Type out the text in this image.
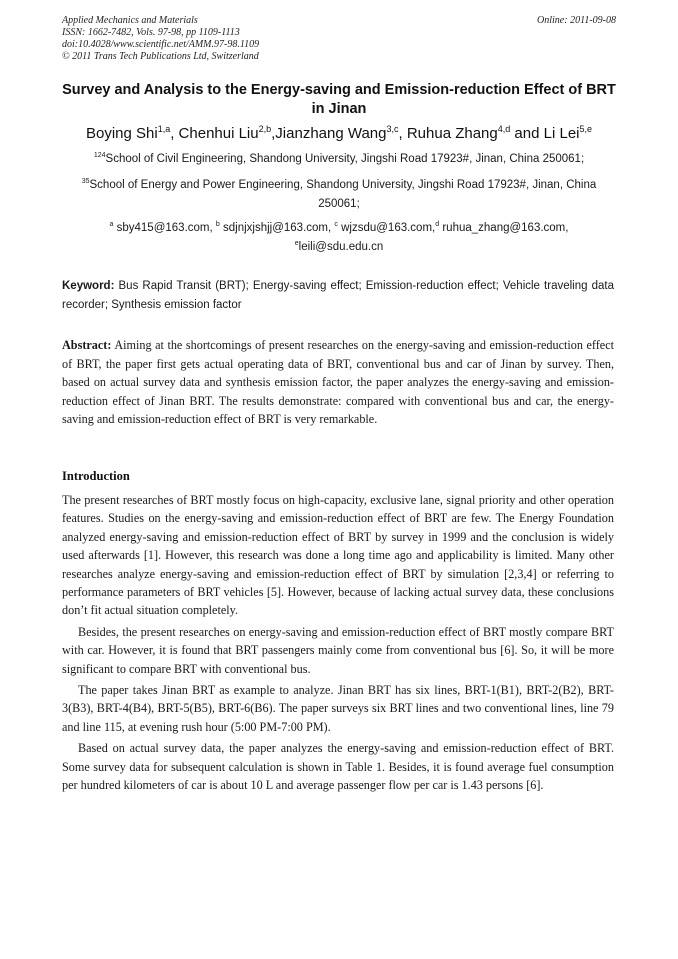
Applied Mechanics and Materials
ISSN: 1662-7482, Vols. 97-98, pp 1109-1113
doi:10.4028/www.scientific.net/AMM.97-98.1109
© 2011 Trans Tech Publications Ltd, Switzerland
Online: 2011-09-08
Survey and Analysis to the Energy-saving and Emission-reduction Effect of BRT in Jinan
Boying Shi$^{1,a}$, Chenhui Liu$^{2,b}$,Jianzhang Wang$^{3,c}$, Ruhua Zhang$^{4,d}$ and Li Lei$^{5,e}$
$^{124}$School of Civil Engineering, Shandong University, Jingshi Road 17923#, Jinan, China 250061;
$^{35}$School of Energy and Power Engineering, Shandong University, Jingshi Road 17923#, Jinan, China 250061;
$^a$ sby415@163.com, $^b$ sdjnjxjshjj@163.com, $^c$ wjzsdu@163.com,$^d$ ruhua_zhang@163.com,
$^e$leili@sdu.edu.cn
Keyword: Bus Rapid Transit (BRT); Energy-saving effect; Emission-reduction effect; Vehicle traveling data recorder; Synthesis emission factor
Abstract: Aiming at the shortcomings of present researches on the energy-saving and emission-reduction effect of BRT, the paper first gets actual operating data of BRT, conventional bus and car of Jinan by survey. Then, based on actual survey data and synthesis emission factor, the paper analyzes the energy-saving and emission-reduction effect of Jinan BRT. The results demonstrate: compared with conventional bus and car, the energy-saving and emission-reduction effect of BRT is very remarkable.
Introduction

The present researches of BRT mostly focus on high-capacity, exclusive lane, signal priority and other operation features. Studies on the energy-saving and emission-reduction effect of BRT are few. The Energy Foundation analyzed energy-saving and emission-reduction effect of BRT by survey in 1999 and the conclusion is widely used afterwards [1]. However, this research was done a long time ago and applicability is limited. Many other researches analyze energy-saving and emission-reduction effect of BRT by simulation [2,3,4] or referring to performance parameters of BRT vehicles [5]. However, because of lacking actual survey data, these conclusions don’t fit actual situation completely.

Besides, the present researches on energy-saving and emission-reduction effect of BRT mostly compare BRT with car. However, it is found that BRT passengers mainly come from conventional bus [6]. So, it will be more significant to compare BRT with conventional bus.

The paper takes Jinan BRT as example to analyze. Jinan BRT has six lines, BRT-1(B1), BRT-2(B2), BRT-3(B3), BRT-4(B4), BRT-5(B5), BRT-6(B6). The paper surveys six BRT lines and two conventional lines, line 79 and line 115, at evening rush hour (5:00 PM-7:00 PM).

Based on actual survey data, the paper analyzes the energy-saving and emission-reduction effect of BRT. Some survey data for subsequent calculation is shown in Table 1. Besides, it is found average fuel consumption per hundred kilometers of car is about 10 L and average passenger flow per car is 1.43 persons [6].
